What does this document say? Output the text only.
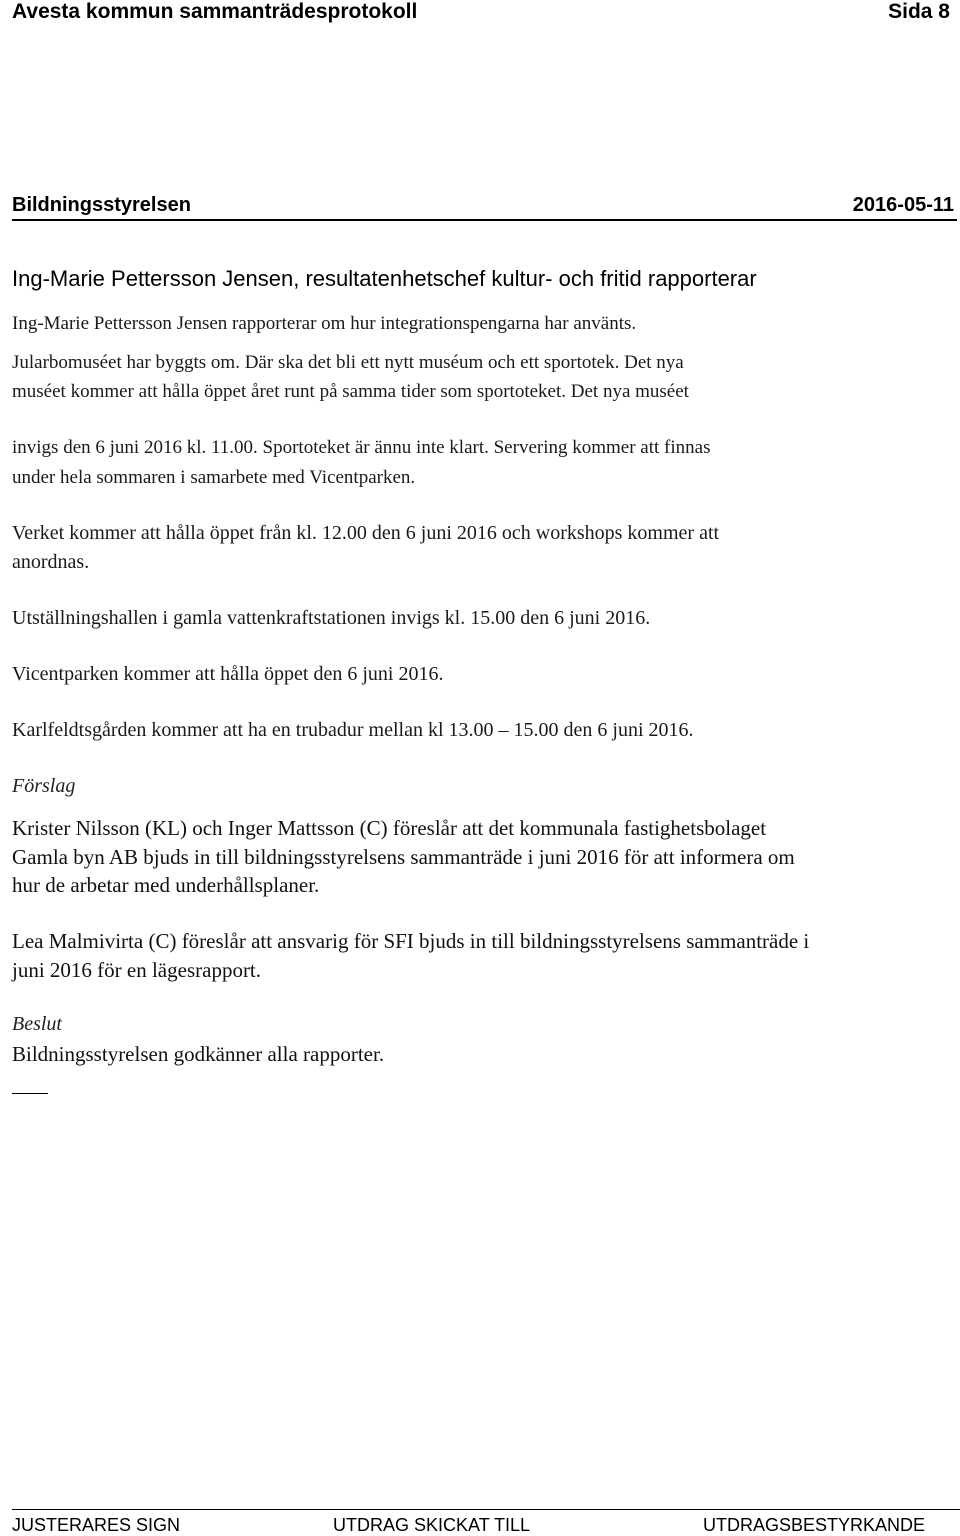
Avesta kommun sammanträdesprotokoll	Sida 8
Bildningsstyrelsen	2016-05-11
Ing-Marie Pettersson Jensen, resultatenhetschef kultur- och fritid rapporterar
Ing-Marie Pettersson Jensen rapporterar om hur integrationspengarna har använts.
Jularbomuséet har byggts om. Där ska det bli ett nytt muséum och ett sportotek. Det nya
muséet kommer att hålla öppet året runt på samma tider som sportoteket. Det nya muséet
invigs den 6 juni 2016 kl. 11.00. Sportoteket är ännu inte klart. Servering kommer att finnas
under hela sommaren i samarbete med Vicentparken.
Verket kommer att hålla öppet från kl. 12.00 den 6 juni 2016 och workshops kommer att
anordnas.
Utställningshallen i gamla vattenkraftstationen invigs kl. 15.00 den 6 juni 2016.
Vicentparken kommer att hålla öppet den 6 juni 2016.
Karlfeldtsgården kommer att ha en trubadur mellan kl 13.00 – 15.00 den 6 juni 2016.
Förslag
Krister Nilsson (KL) och Inger Mattsson (C) föreslår att det kommunala fastighetsbolaget
Gamla byn AB bjuds in till bildningsstyrelsens sammanträde i juni 2016 för att informera om
hur de arbetar med underhållsplaner.
Lea Malmivirta (C) föreslår att ansvarig för SFI bjuds in till bildningsstyrelsens sammanträde i
juni 2016 för en lägesrapport.
Beslut
Bildningsstyrelsen godkänner alla rapporter.
JUSTERARES SIGN	UTDRAG SKICKAT TILL	UTDRAGSBESTYRKANDE
